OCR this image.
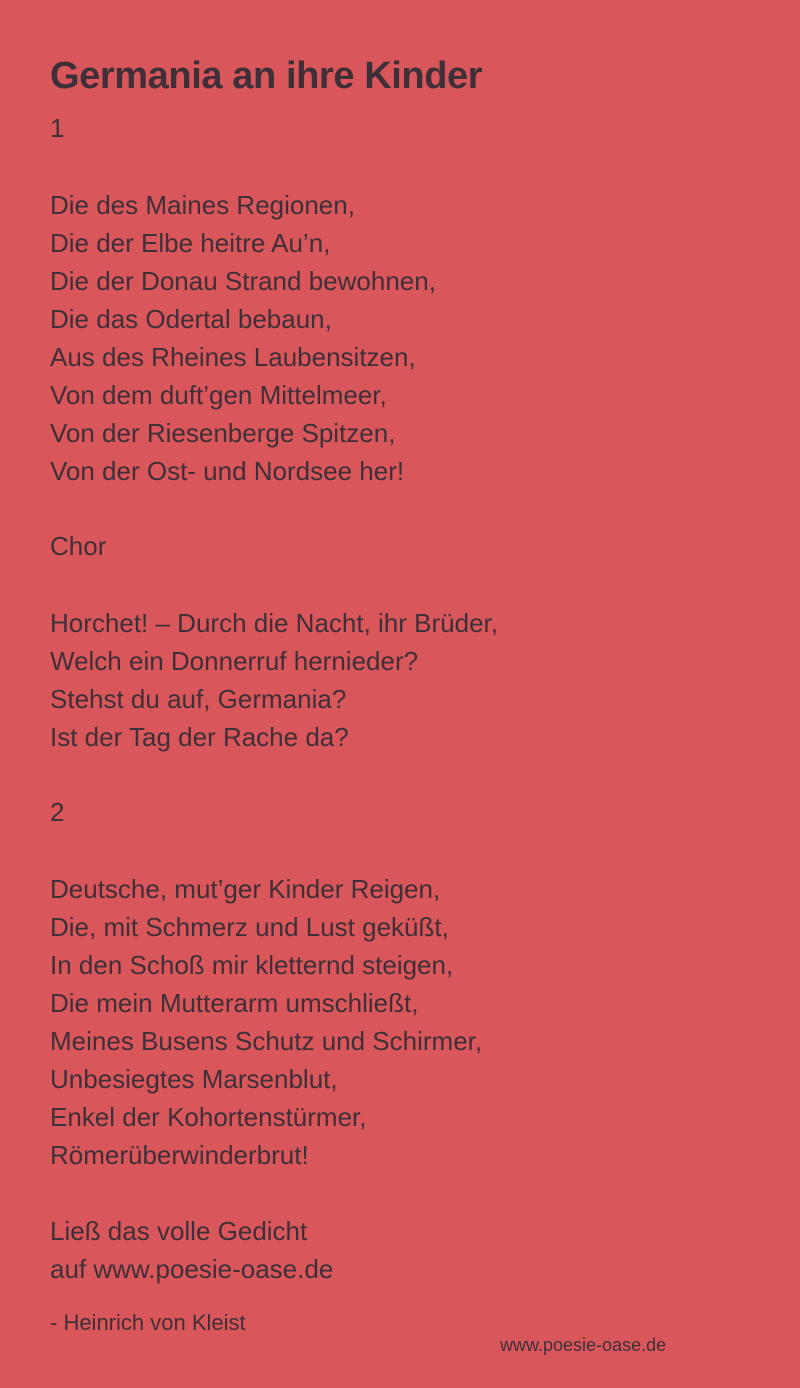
Germania an ihre Kinder

1

Die des Maines Regionen,
Die der Elbe heitre Au’n,
Die der Donau Strand bewohnen,
Die das Odertal bebaun,
Aus des Rheines Laubensitzen,
Von dem duft’gen Mittelmeer,
Von der Riesenberge Spitzen,
Von der Ost- und Nordsee her!

Chor

Horchet! – Durch die Nacht, ihr Brüder,
Welch ein Donnerruf hernieder?
Stehst du auf, Germania?
Ist der Tag der Rache da?

2

Deutsche, mut’ger Kinder Reigen,
Die, mit Schmerz und Lust geküßt,
In den Schoß mir kletternd steigen,
Die mein Mutterarm umschließt,
Meines Busens Schutz und Schirmer,
Unbesiegtes Marsenblut,
Enkel der Kohortenstürmer,
Römerüberwinderbrut!

Ließ das volle Gedicht
auf www.poesie-oase.de

- Heinrich von Kleist

www.poesie-oase.de
